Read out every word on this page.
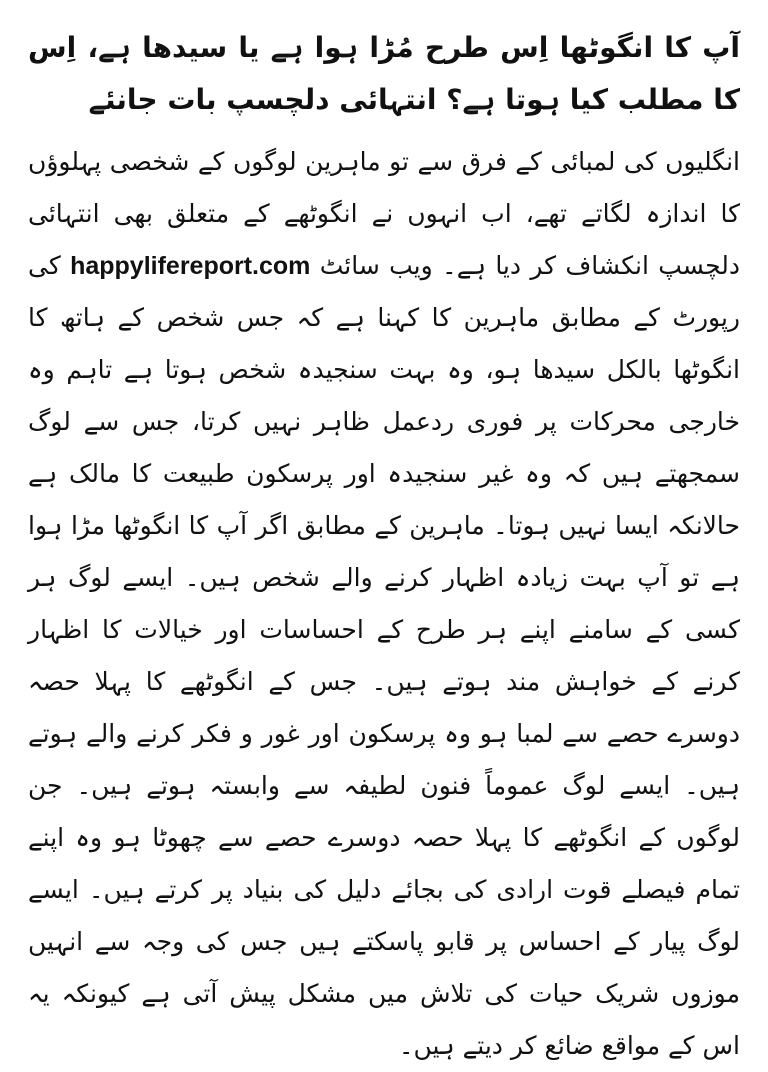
آپ کا انگوٹھا اِس طرح مُڑا ہوا ہے یا سیدھا ہے، اِس کا مطلب کیا ہوتا ہے؟ انتہائی دلچسپ بات جانئے

انگلیوں کی لمبائی کے فرق سے تو ماہرین لوگوں کے شخصی پہلوؤں کا اندازہ لگاتے تھے، اب انہوں نے انگوٹھے کے متعلق بھی انتہائی دلچسپ انکشاف کر دیا ہے۔ ویب سائٹ happylifereport.com کی رپورٹ کے مطابق ماہرین کا کہنا ہے کہ جس شخص کے ہاتھ کا انگوٹھا بالکل سیدھا ہو، وہ بہت سنجیدہ شخص ہوتا ہے تاہم وہ خارجی محرکات پر فوری ردعمل ظاہر نہیں کرتا، جس سے لوگ سمجھتے ہیں کہ وہ غیر سنجیدہ اور پرسکون طبیعت کا مالک ہے حالانکہ ایسا نہیں ہوتا۔ ماہرین کے مطابق اگر آپ کا انگوٹھا مڑا ہوا ہے تو آپ بہت زیادہ اظہار کرنے والے شخص ہیں۔ ایسے لوگ ہر کسی کے سامنے اپنے ہر طرح کے احساسات اور خیالات کا اظہار کرنے کے خواہش مند ہوتے ہیں۔ جس کے انگوٹھے کا پہلا حصہ دوسرے حصے سے لمبا ہو وہ پرسکون اور غور و فکر کرنے والے ہوتے ہیں۔ ایسے لوگ عموماً فنون لطیفہ سے وابستہ ہوتے ہیں۔ جن لوگوں کے انگوٹھے کا پہلا حصہ دوسرے حصے سے چھوٹا ہو وہ اپنے تمام فیصلے قوت ارادی کی بجائے دلیل کی بنیاد پر کرتے ہیں۔ ایسے لوگ پیار کے احساس پر قابو پاسکتے ہیں جس کی وجہ سے انہیں موزوں شریک حیات کی تلاش میں مشکل پیش آتی ہے کیونکہ یہ اس کے مواقع ضائع کر دیتے ہیں۔
